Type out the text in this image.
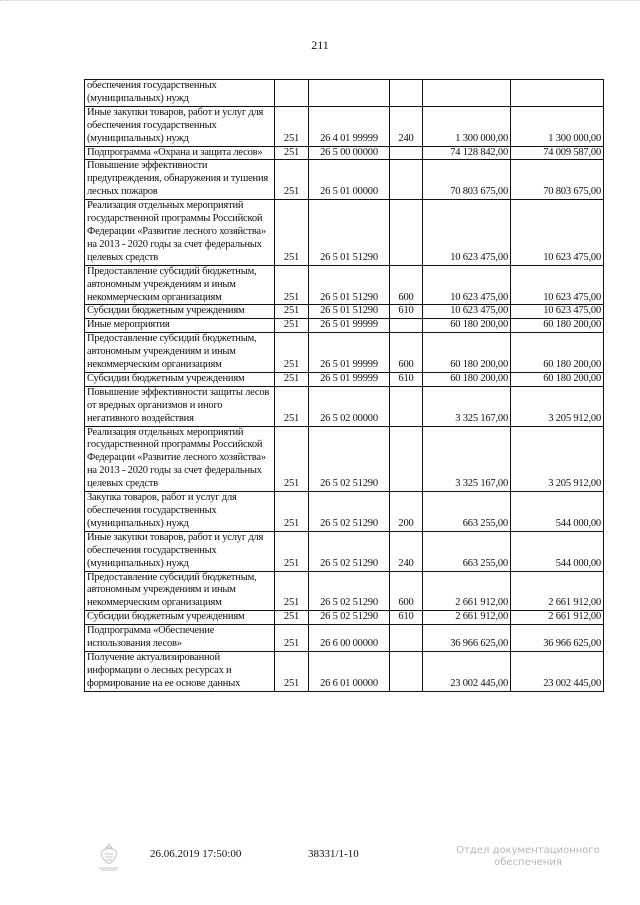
211
обеспечения государственных (муниципальных) нужд					
Иные закупки товаров, работ и услуг для обеспечения государственных (муниципальных) нужд	251	26 4 01 99999	240	1 300 000,00	1 300 000,00
Подпрограмма «Охрана и защита лесов»	251	26 5 00 00000		74 128 842,00	74 009 587,00
Повышение эффективности предупреждения, обнаружения и тушения лесных пожаров	251	26 5 01 00000		70 803 675,00	70 803 675,00
Реализация отдельных мероприятий государственной программы Российской Федерации «Развитие лесного хозяйства» на 2013 - 2020 годы за счет федеральных целевых средств	251	26 5 01 51290		10 623 475,00	10 623 475,00
Предоставление субсидий бюджетным, автономным учреждениям и иным некоммерческим организациям	251	26 5 01 51290	600	10 623 475,00	10 623 475,00
Субсидии бюджетным учреждениям	251	26 5 01 51290	610	10 623 475,00	10 623 475,00
Иные мероприятия	251	26 5 01 99999		60 180 200,00	60 180 200,00
Предоставление субсидий бюджетным, автономным учреждениям и иным некоммерческим организациям	251	26 5 01 99999	600	60 180 200,00	60 180 200,00
Субсидии бюджетным учреждениям	251	26 5 01 99999	610	60 180 200,00	60 180 200,00
Повышение эффективности защиты лесов от вредных организмов и иного негативного воздействия	251	26 5 02 00000		3 325 167,00	3 205 912,00
Реализация отдельных мероприятий государственной программы Российской Федерации «Развитие лесного хозяйства» на 2013 - 2020 годы за счет федеральных целевых средств	251	26 5 02 51290		3 325 167,00	3 205 912,00
Закупка товаров, работ и услуг для обеспечения государственных (муниципальных) нужд	251	26 5 02 51290	200	663 255,00	544 000,00
Иные закупки товаров, работ и услуг для обеспечения государственных (муниципальных) нужд	251	26 5 02 51290	240	663 255,00	544 000,00
Предоставление субсидий бюджетным, автономным учреждениям и иным некоммерческим организациям	251	26 5 02 51290	600	2 661 912,00	2 661 912,00
Субсидии бюджетным учреждениям	251	26 5 02 51290	610	2 661 912,00	2 661 912,00
Подпрограмма «Обеспечение использования лесов»	251	26 6 00 00000		36 966 625,00	36 966 625,00
Получение актуализированной информации о лесных ресурсах и формирование на ее основе данных	251	26 6 01 00000		23 002 445,00	23 002 445,00
26.06.2019 17:50:00	38331/1-10	Отдел документационного
обеспечения
